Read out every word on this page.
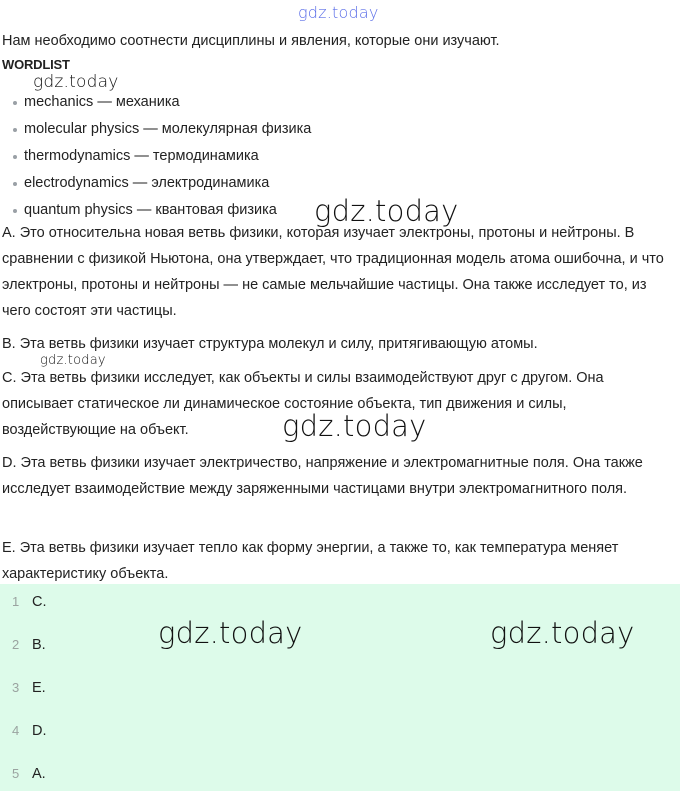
gdz.today
Нам необходимо соотнести дисциплины и явления, которые они изучают.
WORDLIST
gdz.today
mechanics — механика
molecular physics — молекулярная физика
thermodynamics — термодинамика
electrodynamics — электродинамика
quantum physics — квантовая физика
A. Это относительна новая ветвь физики, которая изучает электроны, протоны и нейтроны. В сравнении с физикой Ньютона, она утверждает, что традиционная модель атома ошибочна, и что электроны, протоны и нейтроны — не самые мельчайшие частицы. Она также исследует то, из чего состоят эти частицы.
B. Эта ветвь физики изучает структура молекул и силу, притягивающую атомы.
C. Эта ветвь физики исследует, как объекты и силы взаимодействуют друг с другом. Она описывает статическое ли динамическое состояние объекта, тип движения и силы, воздействующие на объект.
D. Эта ветвь физики изучает электричество, напряжение и электромагнитные поля. Она также исследует взаимодействие между заряженными частицами внутри электромагнитного поля.
E. Эта ветвь физики изучает тепло как форму энергии, а также то, как температура меняет характеристику объекта.
gdz.today
gdz.today
gdz.today
1 C.
2 B.
3 E.
4 D.
5 A.
gdz.today	gdz.today
